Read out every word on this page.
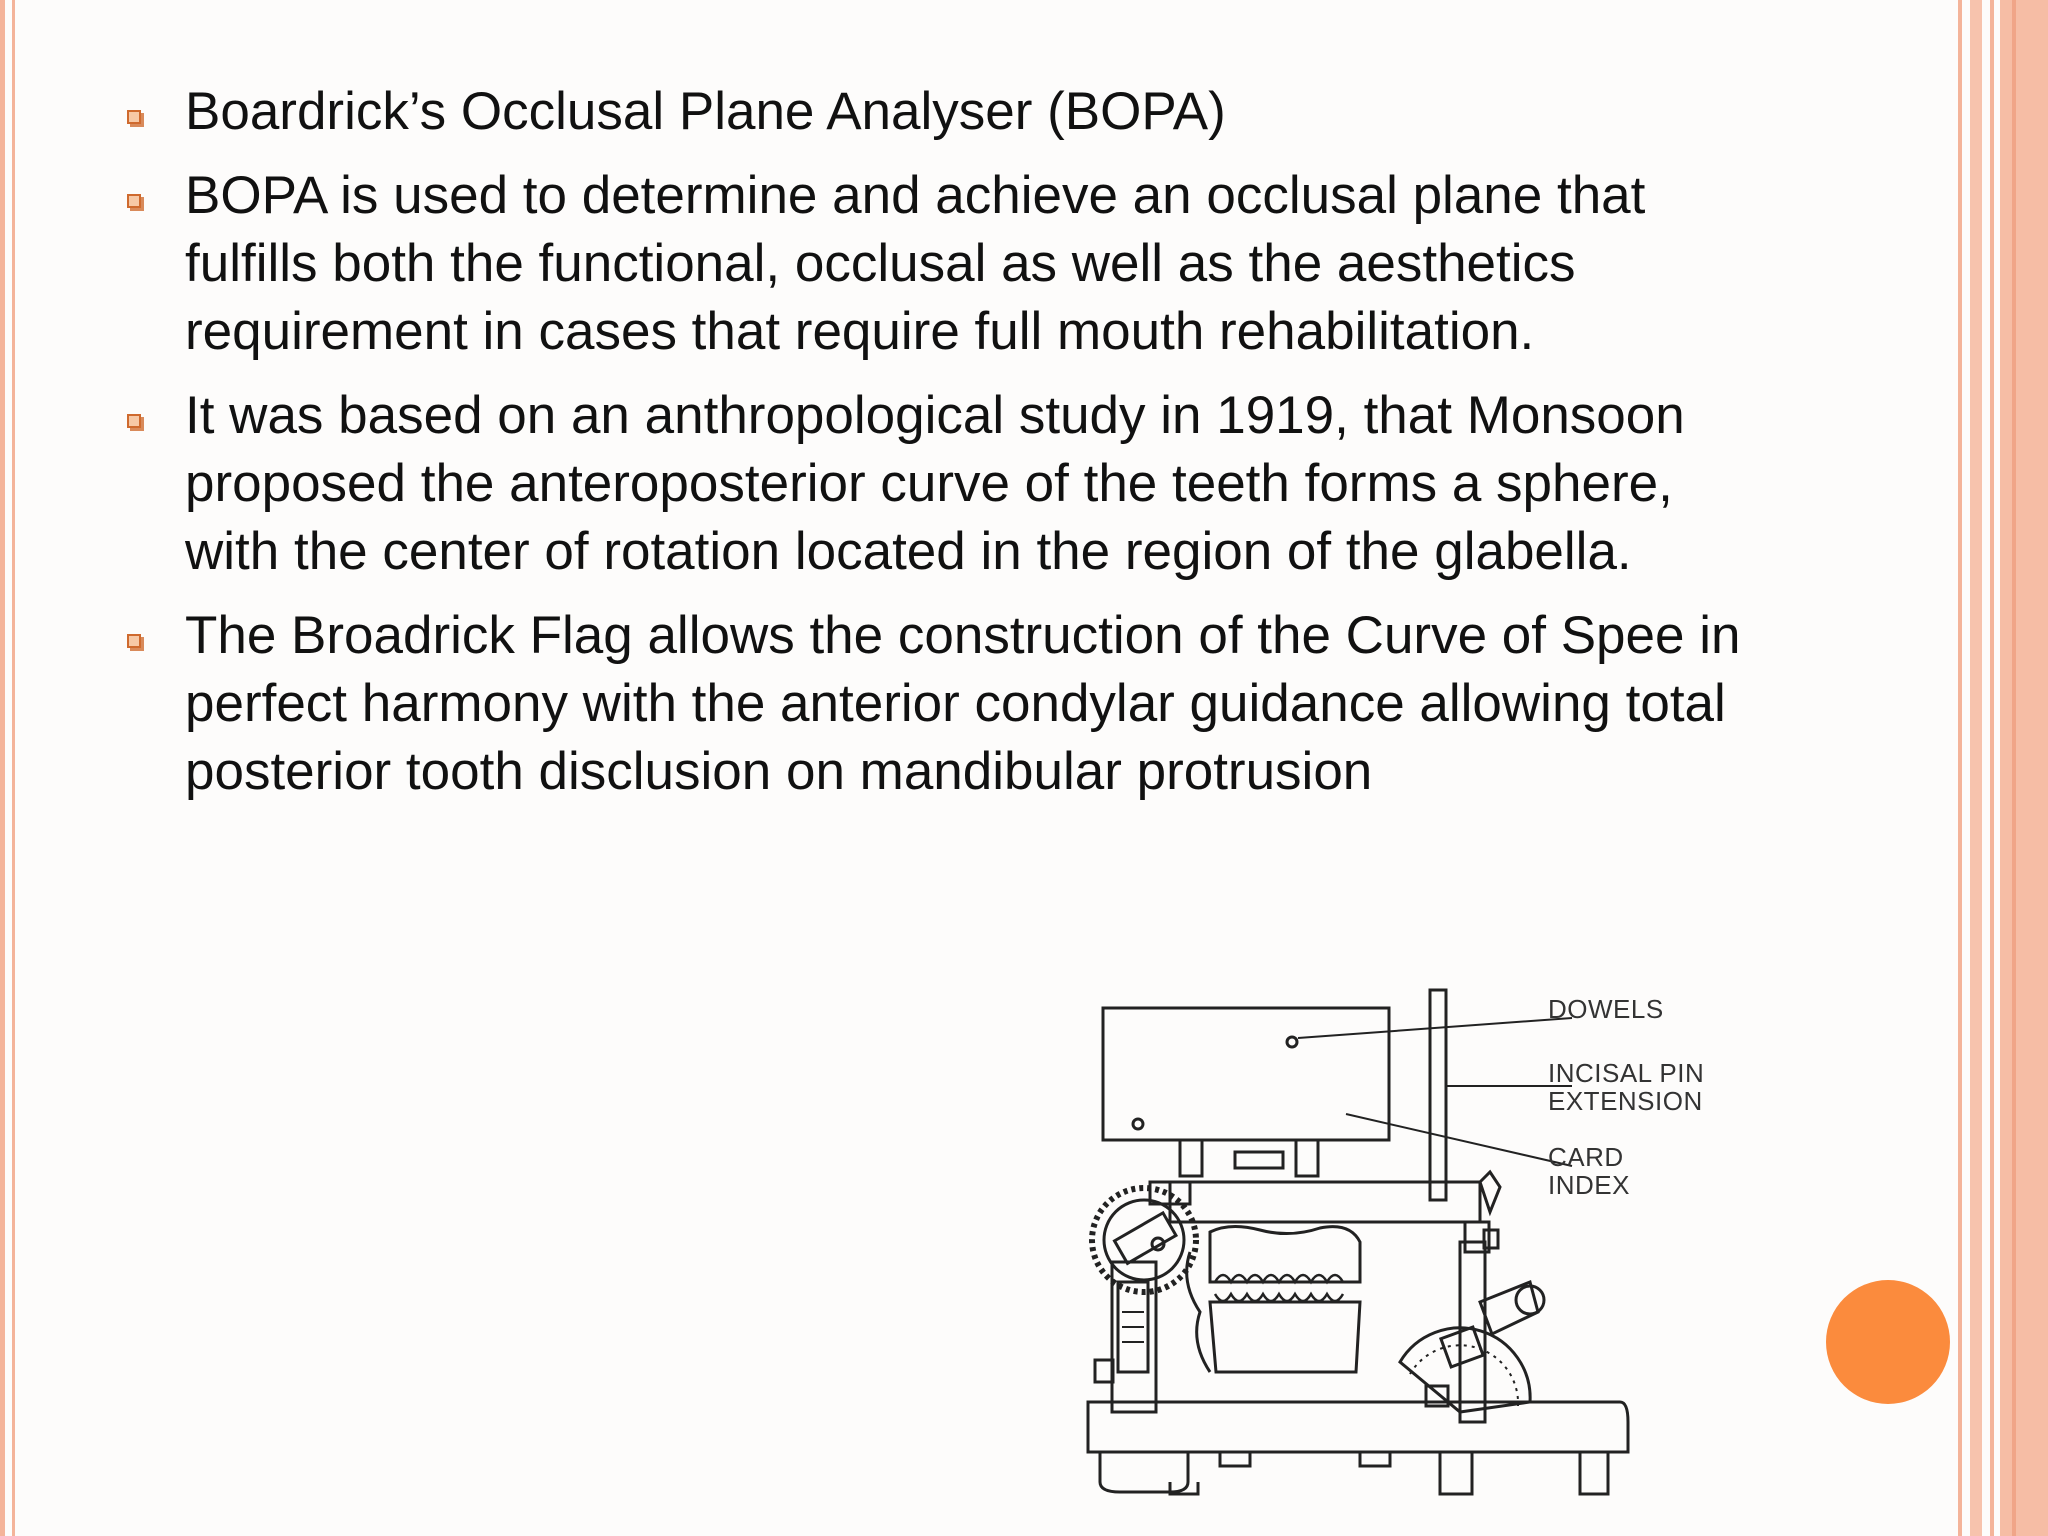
Boardrick’s Occlusal Plane Analyser (BOPA)
BOPA is used to determine and achieve an occlusal plane that fulfills both the functional, occlusal as well as the aesthetics requirement in cases that require full mouth rehabilitation.
It was based on an anthropological study in 1919, that Monsoon proposed the anteroposterior curve of the teeth forms a sphere, with the center of rotation located in the region of the glabella.
The Broadrick Flag allows the construction of the Curve of Spee in perfect harmony with the anterior condylar guidance allowing total posterior tooth disclusion on mandibular protrusion
DOWELS
INCISAL PIN
EXTENSION
CARD
INDEX
